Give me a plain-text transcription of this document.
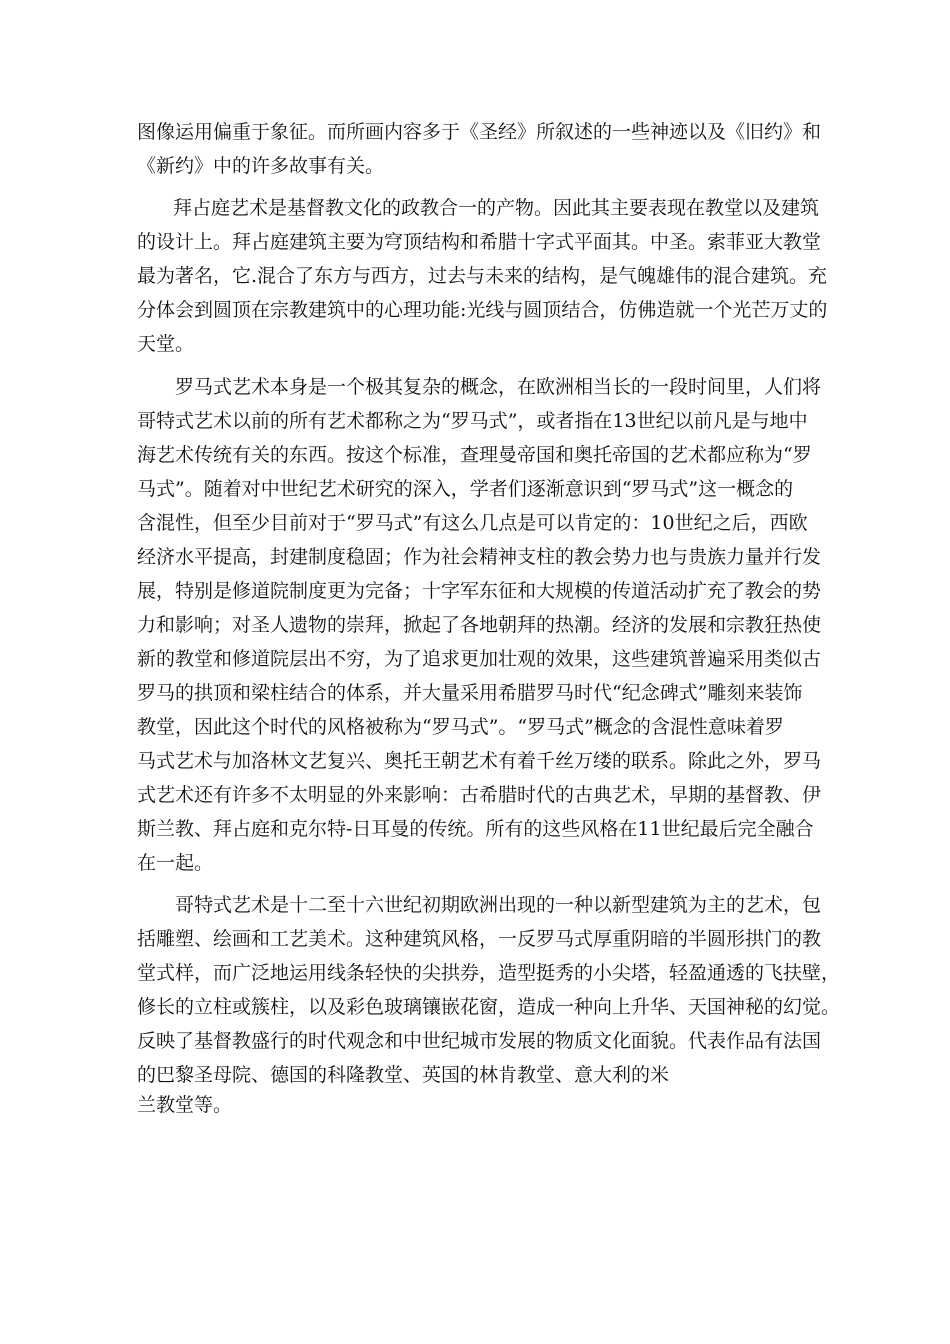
图像运用偏重于象征。而所画内容多于《圣经》所叙述的一些神迹以及《旧约》和

《新约》中的许多故事有关。

拜占庭艺术是基督教文化的政教合一的产物。因此其主要表现在教堂以及建筑

的设计上。拜占庭建筑主要为穹顶结构和希腊十字式平面其。中圣。索菲亚大教堂

最为著名，它.混合了东方与西方，过去与未来的结构，是气魄雄伟的混合建筑。充

分体会到圆顶在宗教建筑中的心理功能:光线与圆顶结合，仿佛造就一个光芒万丈的

天堂。

罗马式艺术本身是一个极其复杂的概念，在欧洲相当长的一段时间里，人们将

哥特式艺术以前的所有艺术都称之为“罗马式”，或者指在13世纪以前凡是与地中

海艺术传统有关的东西。按这个标准，查理曼帝国和奥托帝国的艺术都应称为“罗

马式”。随着对中世纪艺术研究的深入，学者们逐渐意识到“罗马式”这一概念的

含混性，但至少目前对于“罗马式”有这么几点是可以肯定的：10世纪之后，西欧

经济水平提高，封建制度稳固；作为社会精神支柱的教会势力也与贵族力量并行发

展，特别是修道院制度更为完备；十字军东征和大规模的传道活动扩充了教会的势

力和影响；对圣人遗物的崇拜，掀起了各地朝拜的热潮。经济的发展和宗教狂热使

新的教堂和修道院层出不穷，为了追求更加壮观的效果，这些建筑普遍采用类似古

罗马的拱顶和梁柱结合的体系，并大量采用希腊罗马时代“纪念碑式”雕刻来装饰

教堂，因此这个时代的风格被称为“罗马式”。“罗马式”概念的含混性意味着罗

马式艺术与加洛林文艺复兴、奥托王朝艺术有着千丝万缕的联系。除此之外，罗马

式艺术还有许多不太明显的外来影响：古希腊时代的古典艺术，早期的基督教、伊

斯兰教、拜占庭和克尔特-日耳曼的传统。所有的这些风格在11世纪最后完全融合

在一起。

哥特式艺术是十二至十六世纪初期欧洲出现的一种以新型建筑为主的艺术，包

括雕塑、绘画和工艺美术。这种建筑风格，一反罗马式厚重阴暗的半圆形拱门的教

堂式样，而广泛地运用线条轻快的尖拱券，造型挺秀的小尖塔，轻盈通透的飞扶壁，

修长的立柱或簇柱，以及彩色玻璃镶嵌花窗，造成一种向上升华、天国神秘的幻觉。

反映了基督教盛行的时代观念和中世纪城市发展的物质文化面貌。代表作品有法国

的巴黎圣母院、德国的科隆教堂、英国的林肯教堂、意大利的米

兰教堂等。
